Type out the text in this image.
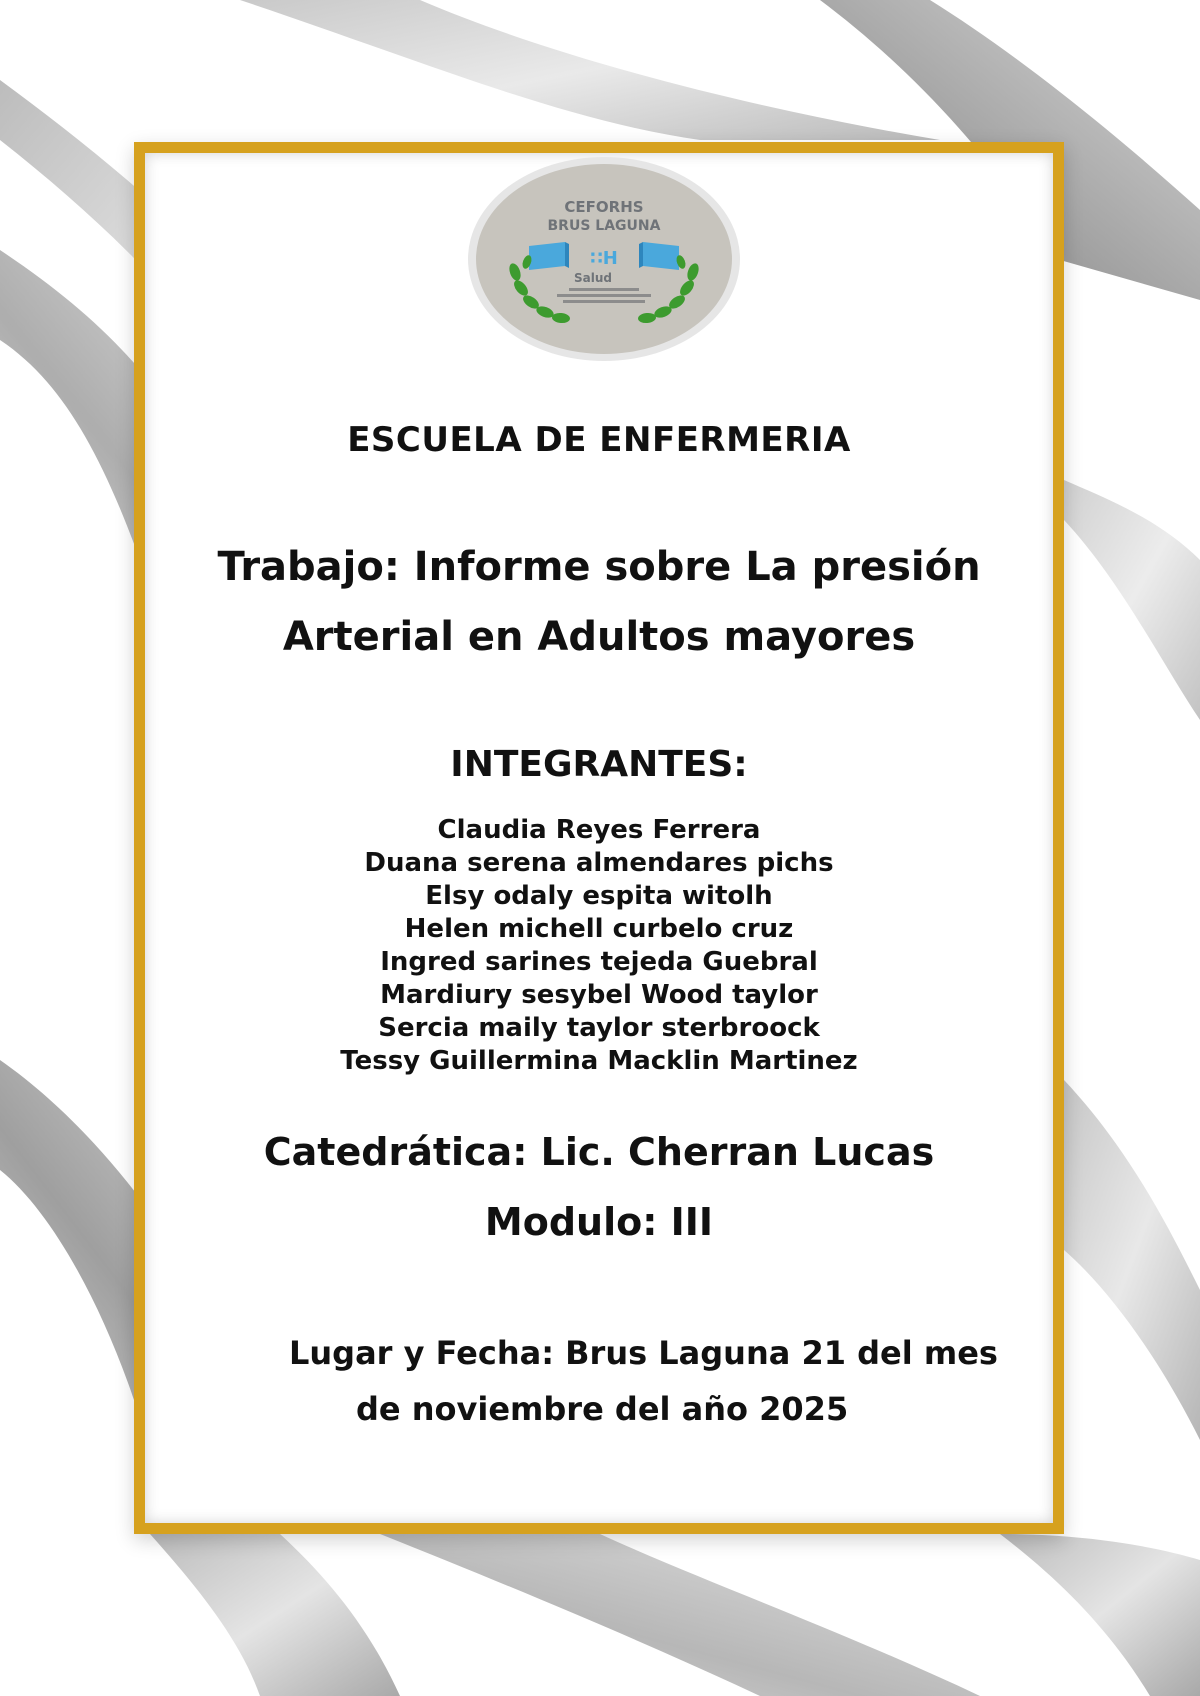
CEFORHS
BRUS LAGUNA
∷H
Salud
ESCUELA DE ENFERMERIA
Trabajo: Informe sobre La presión
Arterial en Adultos mayores
INTEGRANTES:
Claudia Reyes Ferrera
Duana serena almendares pichs
Elsy odaly espita witolh
Helen michell curbelo cruz
Ingred sarines tejeda Guebral
Mardiury sesybel Wood taylor
Sercia maily taylor sterbroock
Tessy Guillermina Macklin Martinez
Catedrática: Lic. Cherran Lucas
Modulo: III
Lugar y Fecha: Brus Laguna 21 del mes
de noviembre del año 2025
